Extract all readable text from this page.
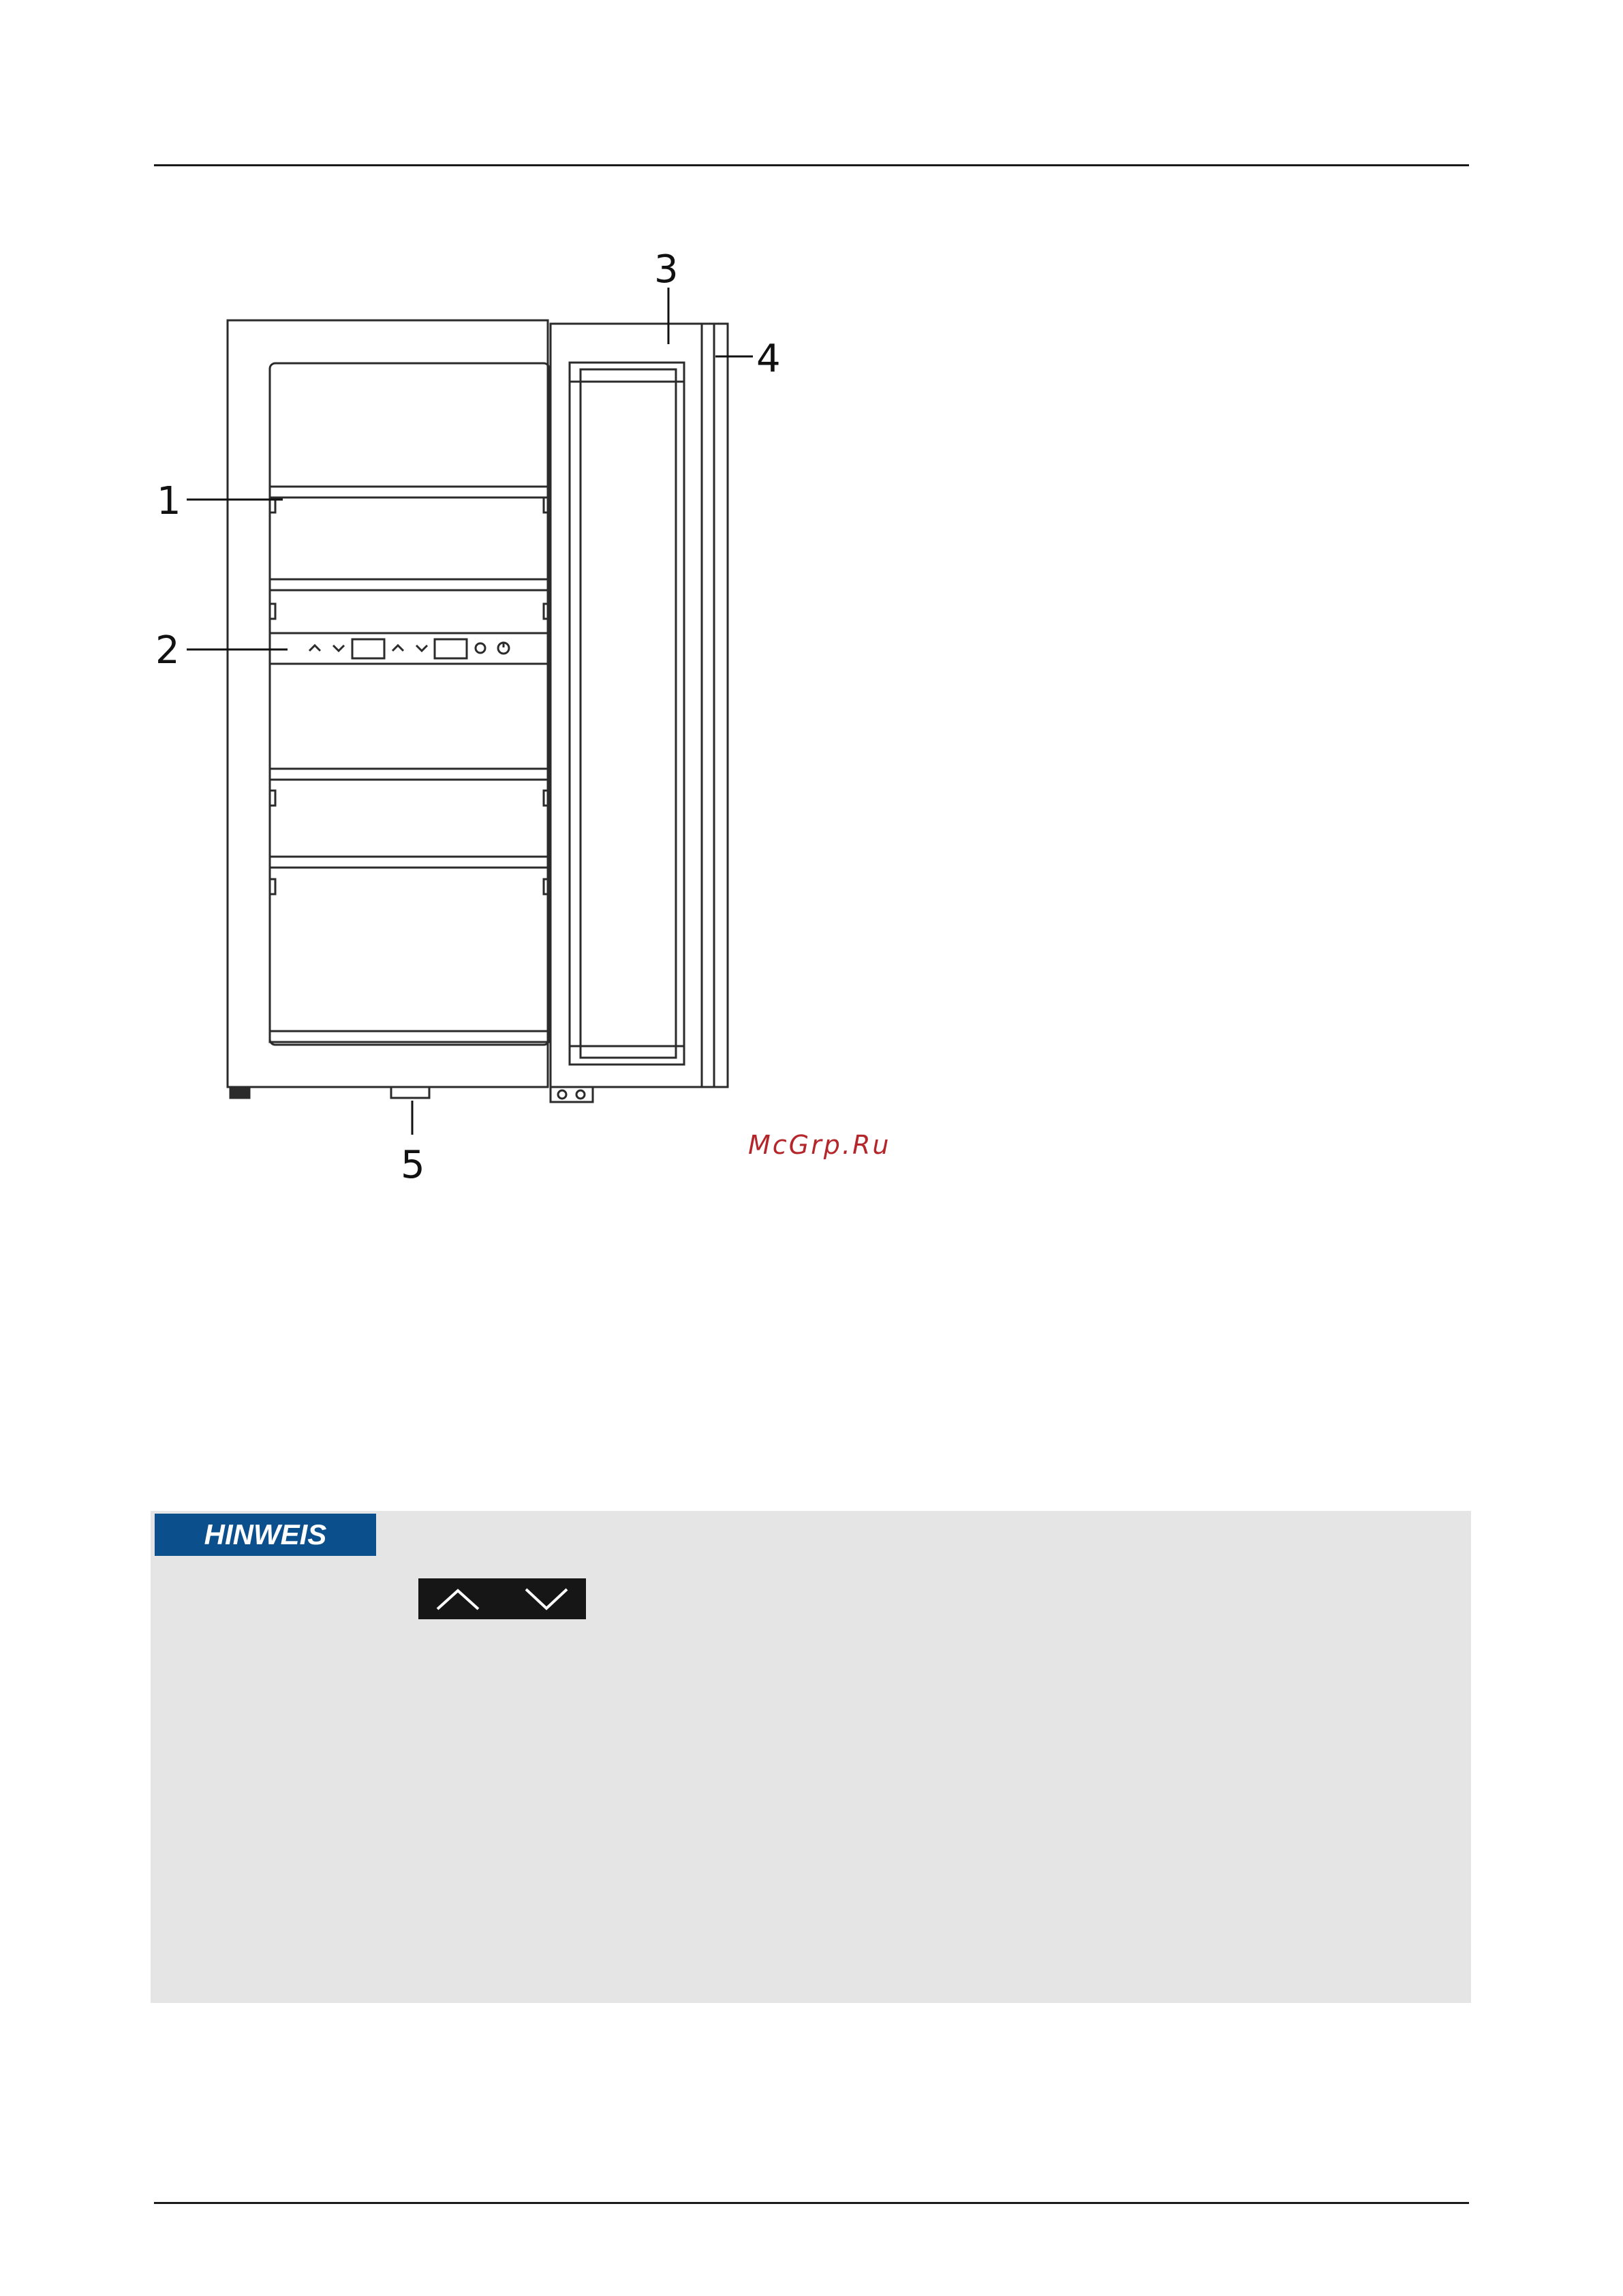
1
2
3
4
5	McGrp.Ru
HINWEIS
